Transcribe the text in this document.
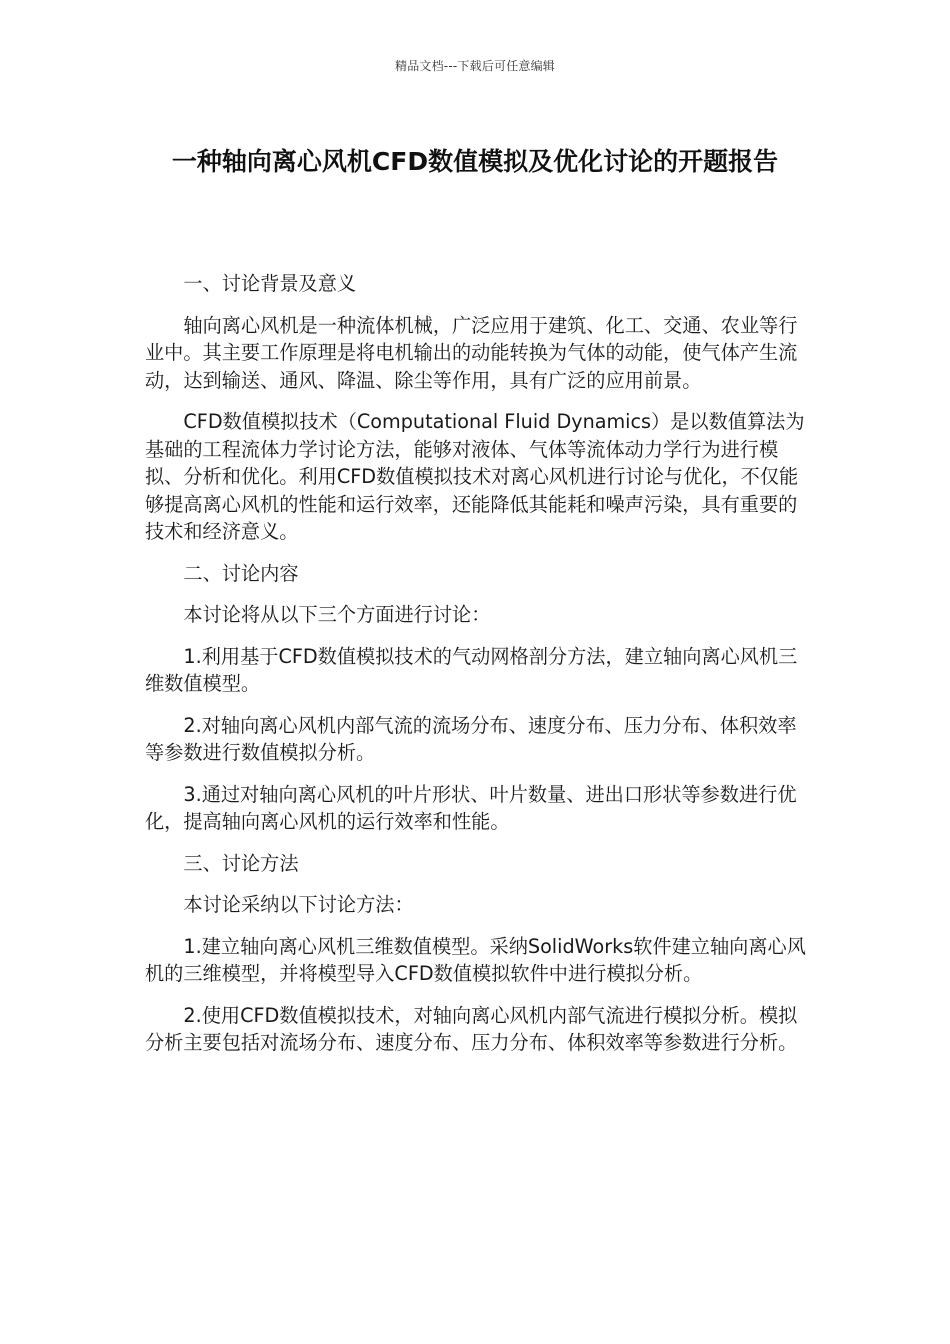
精品文档---下载后可任意编辑
一种轴向离心风机CFD数值模拟及优化讨论的开题报告

一、讨论背景及意义

轴向离心风机是一种流体机械，广泛应用于建筑、化工、交通、农业等行业中。其主要工作原理是将电机输出的动能转换为气体的动能，使气体产生流动，达到输送、通风、降温、除尘等作用，具有广泛的应用前景。

CFD数值模拟技术（Computational Fluid Dynamics）是以数值算法为基础的工程流体力学讨论方法，能够对液体、气体等流体动力学行为进行模拟、分析和优化。利用CFD数值模拟技术对离心风机进行讨论与优化，不仅能够提高离心风机的性能和运行效率，还能降低其能耗和噪声污染，具有重要的技术和经济意义。

二、讨论内容

本讨论将从以下三个方面进行讨论：

1.利用基于CFD数值模拟技术的气动网格剖分方法，建立轴向离心风机三维数值模型。

2.对轴向离心风机内部气流的流场分布、速度分布、压力分布、体积效率等参数进行数值模拟分析。

3.通过对轴向离心风机的叶片形状、叶片数量、进出口形状等参数进行优化，提高轴向离心风机的运行效率和性能。

三、讨论方法

本讨论采纳以下讨论方法：

1.建立轴向离心风机三维数值模型。采纳SolidWorks软件建立轴向离心风机的三维模型，并将模型导入CFD数值模拟软件中进行模拟分析。

2.使用CFD数值模拟技术，对轴向离心风机内部气流进行模拟分析。模拟分析主要包括对流场分布、速度分布、压力分布、体积效率等参数进行分析。
